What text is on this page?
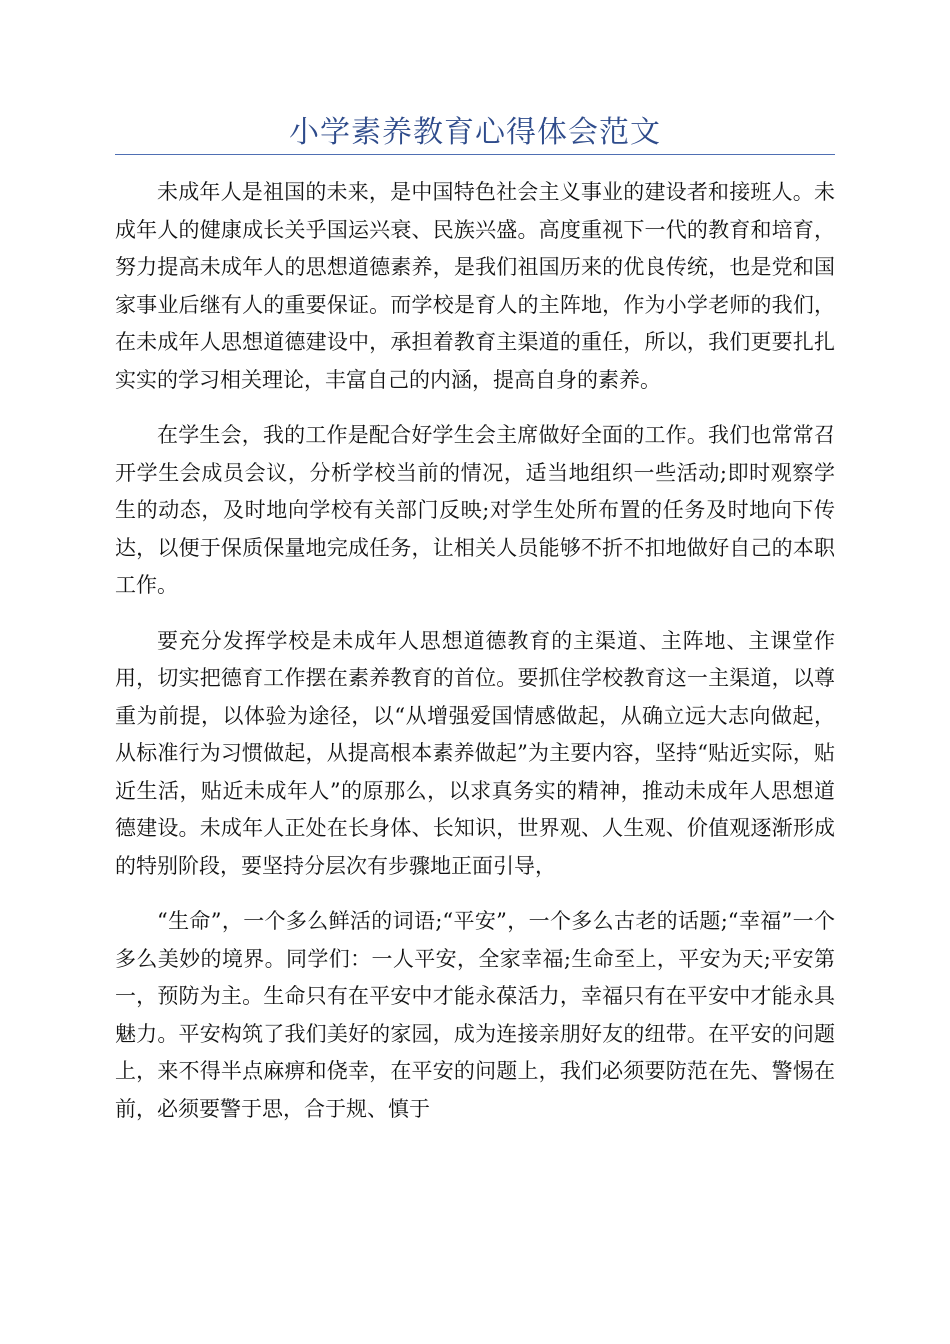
小学素养教育心得体会范文

未成年人是祖国的未来，是中国特色社会主义事业的建设者和接班人。未成年人的健康成长关乎国运兴衰、民族兴盛。高度重视下一代的教育和培育，努力提高未成年人的思想道德素养，是我们祖国历来的优良传统，也是党和国家事业后继有人的重要保证。而学校是育人的主阵地，作为小学老师的我们，在未成年人思想道德建设中，承担着教育主渠道的重任，所以，我们更要扎扎实实的学习相关理论，丰富自己的内涵，提高自身的素养。

在学生会，我的工作是配合好学生会主席做好全面的工作。我们也常常召开学生会成员会议，分析学校当前的情况，适当地组织一些活动;即时观察学生的动态，及时地向学校有关部门反映;对学生处所布置的任务及时地向下传达，以便于保质保量地完成任务，让相关人员能够不折不扣地做好自己的本职工作。

要充分发挥学校是未成年人思想道德教育的主渠道、主阵地、主课堂作用，切实把德育工作摆在素养教育的首位。要抓住学校教育这一主渠道，以尊重为前提，以体验为途径，以“从增强爱国情感做起，从确立远大志向做起，从标准行为习惯做起，从提高根本素养做起”为主要内容，坚持“贴近实际，贴近生活，贴近未成年人”的原那么，以求真务实的精神，推动未成年人思想道德建设。未成年人正处在长身体、长知识，世界观、人生观、价值观逐渐形成的特别阶段，要坚持分层次有步骤地正面引导，

“生命”，一个多么鲜活的词语;“平安”，一个多么古老的话题;“幸福”一个多么美妙的境界。同学们：一人平安，全家幸福;生命至上，平安为天;平安第一，预防为主。生命只有在平安中才能永葆活力，幸福只有在平安中才能永具魅力。平安构筑了我们美好的家园，成为连接亲朋好友的纽带。在平安的问题上，来不得半点麻痹和侥幸，在平安的问题上，我们必须要防范在先、警惕在前，必须要警于思，合于规、慎于
